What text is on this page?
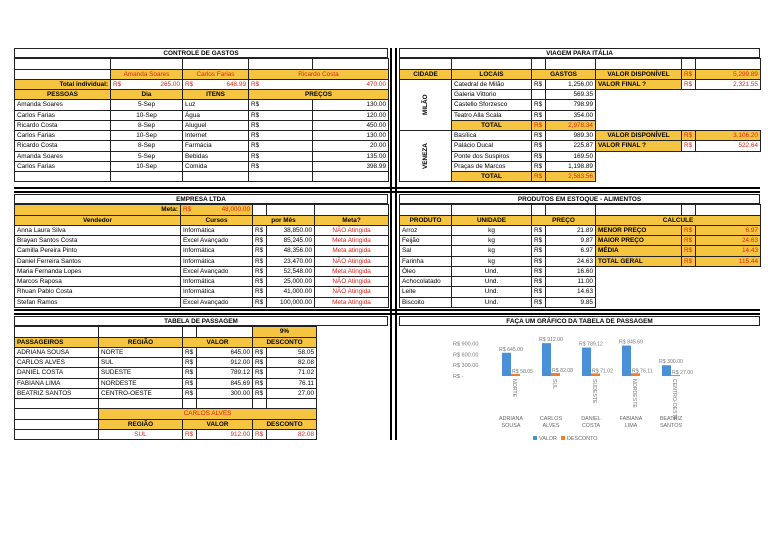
CONTROLE DE GASTOS

	Amanda Soares	Carlos Farias	Ricardo Costa	
Total individual:	R$ 265.00	R$ 648.99	R$ 470.00	

PESSOAS	Dia	ITENS	PREÇOS	
Amanda Soares	5-Sep	Luz	R$	130.00
Carlos Farias	10-Sep	Água	R$	120.00
Ricardo Costa	8-Sep	Aluguel	R$	450.00
Carlos Farias	10-Sep	Internet	R$	130.00
Ricardo Costa	8-Sep	Farmácia	R$	20.00
Amanda Soares	5-Sep	Bebidas	R$	135.00
Carlos Farias	10-Sep	Comida	R$	398.99

EMPRESA LTDA
Meta:	R$ 48,000.00			

Vendedor	Cursos	por Mês		Meta?
Anna Laura Silva	Informática	R$	38,850.00	NÃO Atingida
Brayan Santos Costa	Excel Avançado	R$	85,245.00	Meta Atingida
Camilla Pereira Pinto	Informática	R$	48,356.00	Meta atingida
Daniel Ferreira Santos	Informática	R$	23,470.00	NÃO Atingida
Maria Fernanda Lopes	Excel Avançado	R$	52,548.00	Meta Atingida
Marcos Raposa	Informática	R$	25,000.00	NÃO Atingida
Rhuan Pablo Costa	Informática	R$	41,000.00	NÃO Atingida
Stefan Ramos	Excel Avançado	R$	100,000.00	Meta Atingida
TABELA DE PASSAGEM
				9%		
PASSAGEIROS	REGIÃO	VALOR		DESCONTO		
ADRIANA SOUSA	NORTE	R$	645.00	R$	58.05	
CARLOS ALVES	SUL	R$	912.00	R$	82.08	
DANIEL COSTA	SUDESTE	R$	789.12	R$	71.02	
FABIANA LIMA	NORDESTE	R$	845.69	R$	76.11	
BEATRIZ SANTOS	CENTRO-OESTE	R$	300.00	R$	27.00	

	CARLOS ALVES					
	REGIÃO	VALOR		DESCONTO		
	SUL	R$	912.00	R$	82.08	
VIAGEM PARA ITÁLIA

CIDADE	LOCAIS	GASTOS		VALOR DISPONÍVEL	R$	5,299.89

MILÃO	Catedral de Milão	R$	1,256.00	VALOR FINAL ?	R$	2,321.55
	Galeria Vittorio		569.35			
	Castello Sforzesco	R$	798.99			
	Teatro Alla Scala	R$	354.00			
	TOTAL	R$	2,978.34			

VENEZA	Basílica	R$	989.30	VALOR DISPONÍVEL	R$	3,106.20
	Palácio Ducal	R$	225.87	VALOR FINAL ?	R$	522.64
	Ponte dos Suspiros	R$	169.50			
	Praças de Marcos	R$	1,198.89			
	TOTAL	R$	2,583.56			
PRODUTOS EM ESTOQUE - ALIMENTOS

PRODUTO	UNIDADE	PREÇO		CALCULE		
Arroz	kg	R$	21.89	MENOR PREÇO	R$	6.97
Feijão	kg	R$	9.87	MAIOR PREÇO	R$	24.63
Sal	kg	R$	6.97	MÉDIA	R$	14.43
Farinha	kg	R$	24.63	TOTAL GERAL	R$	115.44
Óleo	Und.	R$	16.60			
Achocolatado	Und.	R$	11.00			
Leite	Und.	R$	14.63			
Biscoito	Und.	R$	9.85			
FAÇA UM GRÁFICO DA TABELA DE PASSAGEM
R$ 900.00
R$ 600.00
R$ 300.00
R$ -
R$ 645.00
R$ 58.05
NORTE
ADRIANA
SOUSA
R$ 912.00
R$ 82.08
SUL
CARLOS
ALVES
R$ 789.12
R$ 71.02
SUDESTE
DANIEL
COSTA
R$ 845.69
R$ 76.11
NORDESTE
FABIANA
LIMA
R$ 300.00
R$ 27.00
CENTRO-OESTE
BEATRIZ
SANTOS
VALOR DESCONTO
